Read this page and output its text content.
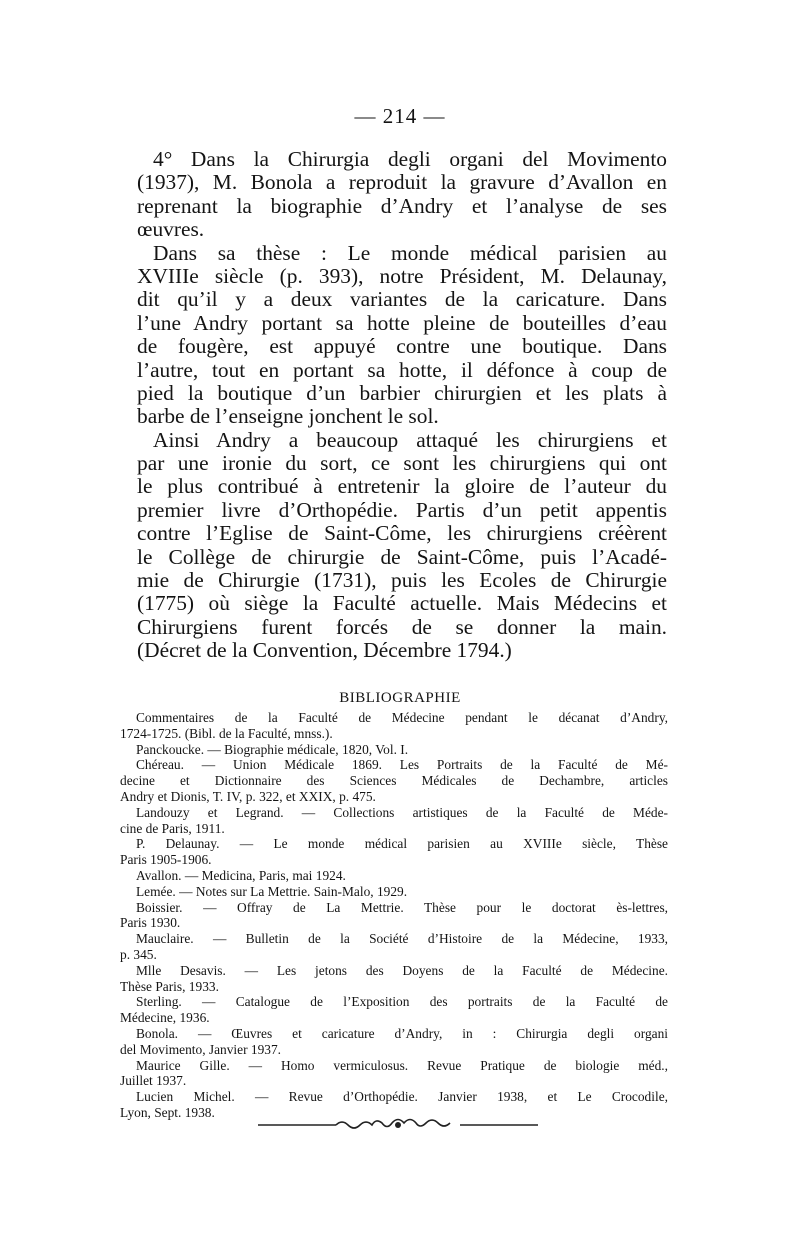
— 214 —
4° Dans la Chirurgia degli organi del Movimento
(1937), M. Bonola a reproduit la gravure d’Avallon en
reprenant la biographie d’Andry et l’analyse de ses
œuvres.
Dans sa thèse : Le monde médical parisien au
XVIIIe siècle (p. 393), notre Président, M. Delaunay,
dit qu’il y a deux variantes de la caricature. Dans
l’une Andry portant sa hotte pleine de bouteilles d’eau
de fougère, est appuyé contre une boutique. Dans
l’autre, tout en portant sa hotte, il défonce à coup de
pied la boutique d’un barbier chirurgien et les plats à
barbe de l’enseigne jonchent le sol.
Ainsi Andry a beaucoup attaqué les chirurgiens et
par une ironie du sort, ce sont les chirurgiens qui ont
le plus contribué à entretenir la gloire de l’auteur du
premier livre d’Orthopédie. Partis d’un petit appentis
contre l’Eglise de Saint-Côme, les chirurgiens créèrent
le Collège de chirurgie de Saint-Côme, puis l’Acadé-
mie de Chirurgie (1731), puis les Ecoles de Chirurgie
(1775) où siège la Faculté actuelle. Mais Médecins et
Chirurgiens furent forcés de se donner la main.
(Décret de la Convention, Décembre 1794.)
BIBLIOGRAPHIE
Commentaires de la Faculté de Médecine pendant le décanat d’Andry,
1724-1725. (Bibl. de la Faculté, mnss.).
Panckoucke. — Biographie médicale, 1820, Vol. I.
Chéreau. — Union Médicale 1869. Les Portraits de la Faculté de Mé-
decine et Dictionnaire des Sciences Médicales de Dechambre, articles
Andry et Dionis, T. IV, p. 322, et XXIX, p. 475.
Landouzy et Legrand. — Collections artistiques de la Faculté de Méde-
cine de Paris, 1911.
P. Delaunay. — Le monde médical parisien au XVIIIe siècle, Thèse
Paris 1905-1906.
Avallon. — Medicina, Paris, mai 1924.
Lemée. — Notes sur La Mettrie. Sain-Malo, 1929.
Boissier. — Offray de La Mettrie. Thèse pour le doctorat ès-lettres,
Paris 1930.
Mauclaire. — Bulletin de la Société d’Histoire de la Médecine, 1933,
p. 345.
Mlle Desavis. — Les jetons des Doyens de la Faculté de Médecine.
Thèse Paris, 1933.
Sterling. — Catalogue de l’Exposition des portraits de la Faculté de
Médecine, 1936.
Bonola. — Œuvres et caricature d’Andry, in : Chirurgia degli organi
del Movimento, Janvier 1937.
Maurice Gille. — Homo vermiculosus. Revue Pratique de biologie méd.,
Juillet 1937.
Lucien Michel. — Revue d’Orthopédie. Janvier 1938, et Le Crocodile,
Lyon, Sept. 1938.
